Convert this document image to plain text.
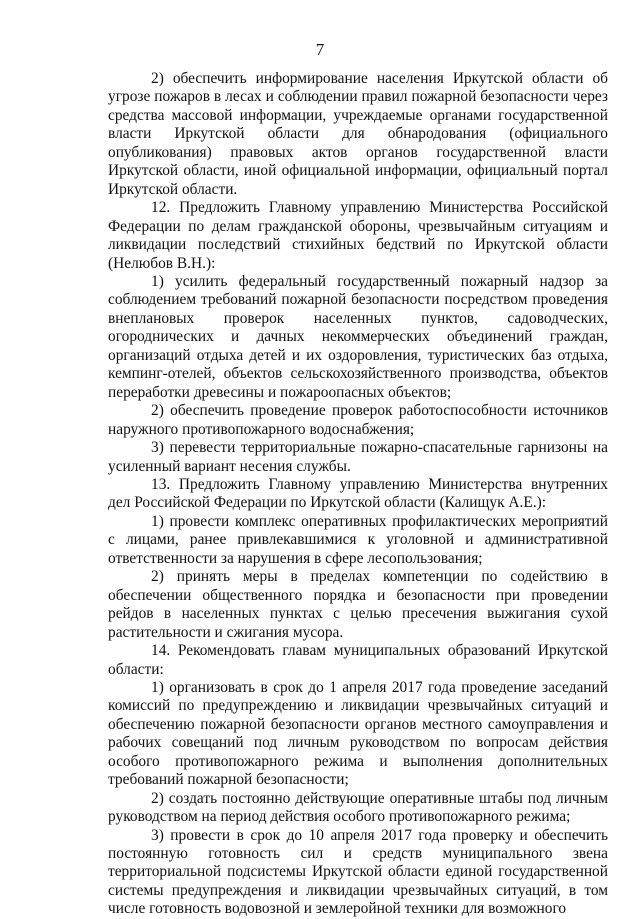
7

2) обеспечить информирование населения Иркутской области об угрозе пожаров в лесах и соблюдении правил пожарной безопасности через средства массовой информации, учреждаемые органами государственной власти Иркутской области для обнародования (официального опубликования) правовых актов органов государственной власти Иркутской области, иной официальной информации, официальный портал Иркутской области.

12. Предложить Главному управлению Министерства Российской Федерации по делам гражданской обороны, чрезвычайным ситуациям и ликвидации последствий стихийных бедствий по Иркутской области (Нелюбов В.Н.):

1) усилить федеральный государственный пожарный надзор за соблюдением требований пожарной безопасности посредством проведения внеплановых проверок населенных пунктов, садоводческих, огороднических и дачных некоммерческих объединений граждан, организаций отдыха детей и их оздоровления, туристических баз отдыха, кемпинг-отелей, объектов сельскохозяйственного производства, объектов переработки древесины и пожароопасных объектов;

2) обеспечить проведение проверок работоспособности источников наружного противопожарного водоснабжения;

3) перевести территориальные пожарно-спасательные гарнизоны на усиленный вариант несения службы.

13. Предложить Главному управлению Министерства внутренних дел Российской Федерации по Иркутской области (Калищук А.Е.):

1) провести комплекс оперативных профилактических мероприятий с лицами, ранее привлекавшимися к уголовной и административной ответственности за нарушения в сфере лесопользования;

2) принять меры в пределах компетенции по содействию в обеспечении общественного порядка и безопасности при проведении рейдов в населенных пунктах с целью пресечения выжигания сухой растительности и сжигания мусора.

14. Рекомендовать главам муниципальных образований Иркутской области:

1) организовать в срок до 1 апреля 2017 года проведение заседаний комиссий по предупреждению и ликвидации чрезвычайных ситуаций и обеспечению пожарной безопасности органов местного самоуправления и рабочих совещаний под личным руководством по вопросам действия особого противопожарного режима и выполнения дополнительных требований пожарной безопасности;

2) создать постоянно действующие оперативные штабы под личным руководством на период действия особого противопожарного режима;

3) провести в срок до 10 апреля 2017 года проверку и обеспечить постоянную готовность сил и средств муниципального звена территориальной подсистемы Иркутской области единой государственной системы предупреждения и ликвидации чрезвычайных ситуаций, в том числе готовность водовозной и землеройной техники для возможного
